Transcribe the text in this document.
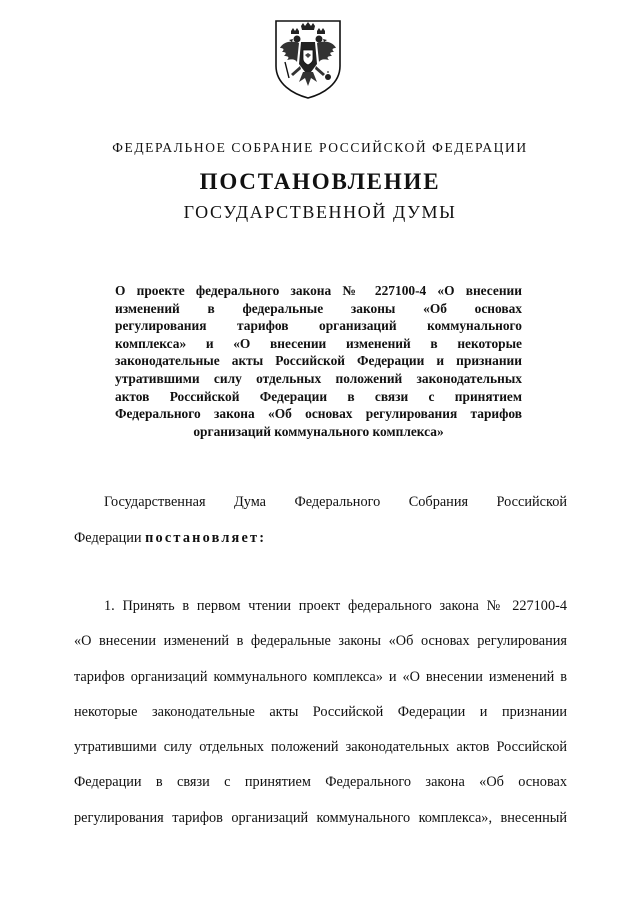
ФЕДЕРАЛЬНОЕ СОБРАНИЕ РОССИЙСКОЙ ФЕДЕРАЦИИ
ПОСТАНОВЛЕНИЕ
ГОСУДАРСТВЕННОЙ ДУМЫ
О проекте федерального закона № 227100-4 «О внесении
изменений в федеральные законы «Об основах
регулирования тарифов организаций коммунального
комплекса» и «О внесении изменений в некоторые
законодательные акты Российской Федерации и признании
утратившими силу отдельных положений законодательных
актов Российской Федерации в связи с принятием
Федерального закона «Об основах регулирования тарифов
организаций коммунального комплекса»
Государственная Дума Федерального Собрания Российской
Федерации постановляет:
1. Принять в первом чтении проект федерального закона № 227100-4
«О внесении изменений в федеральные законы «Об основах регулирования
тарифов организаций коммунального комплекса» и «О внесении изменений в
некоторые законодательные акты Российской Федерации и признании
утратившими силу отдельных положений законодательных актов Российской
Федерации в связи с принятием Федерального закона «Об основах
регулирования тарифов организаций коммунального комплекса», внесенный
